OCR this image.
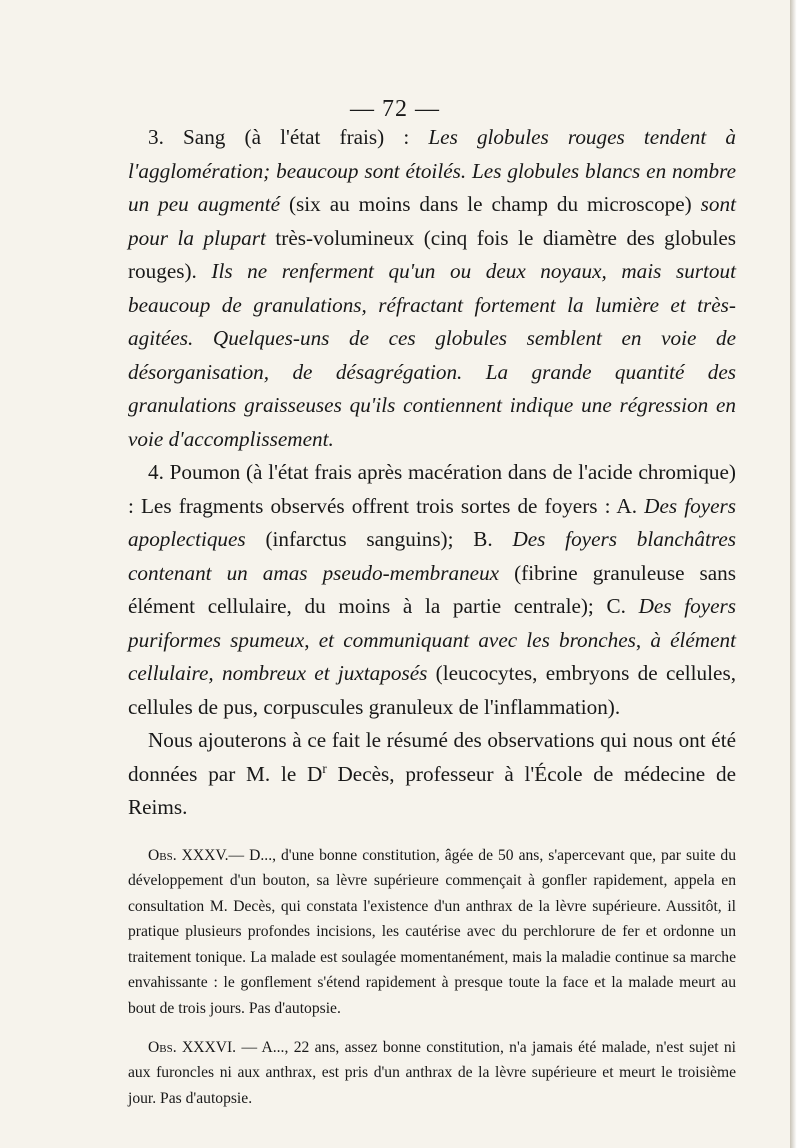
— 72 —

3. Sang (à l'état frais) : Les globules rouges tendent à l'agglomération; beaucoup sont étoilés. Les globules blancs en nombre un peu augmenté (six au moins dans le champ du microscope) sont pour la plupart très-volumineux (cinq fois le diamètre des globules rouges). Ils ne renferment qu'un ou deux noyaux, mais surtout beaucoup de granulations, réfractant fortement la lumière et très-agitées. Quelques-uns de ces globules semblent en voie de désorganisation, de désagrégation. La grande quantité des granulations graisseuses qu'ils contiennent indique une régression en voie d'accomplissement.

4. Poumon (à l'état frais après macération dans de l'acide chromique) : Les fragments observés offrent trois sortes de foyers : A. Des foyers apoplectiques (infarctus sanguins); B. Des foyers blanchâtres contenant un amas pseudo-membraneux (fibrine granuleuse sans élément cellulaire, du moins à la partie centrale); C. Des foyers puriformes spumeux, et communiquant avec les bronches, à élément cellulaire, nombreux et juxtaposés (leucocytes, embryons de cellules, cellules de pus, corpuscules granuleux de l'inflammation).

Nous ajouterons à ce fait le résumé des observations qui nous ont été données par M. le $D^r$ Decès, professeur à l'École de médecine de Reims.

Obs. XXXV.— D..., d'une bonne constitution, âgée de 50 ans, s'apercevant que, par suite du développement d'un bouton, sa lèvre supérieure commençait à gonfler rapidement, appela en consultation M. Decès, qui constata l'existence d'un anthrax de la lèvre supérieure. Aussitôt, il pratique plusieurs profondes incisions, les cautérise avec du perchlorure de fer et ordonne un traitement tonique. La malade est soulagée momentanément, mais la maladie continue sa marche envahissante : le gonflement s'étend rapidement à presque toute la face et la malade meurt au bout de trois jours. Pas d'autopsie.

Obs. XXXVI. — A..., 22 ans, assez bonne constitution, n'a jamais été malade, n'est sujet ni aux furoncles ni aux anthrax, est pris d'un anthrax de la lèvre supérieure et meurt le troisième jour. Pas d'autopsie.
